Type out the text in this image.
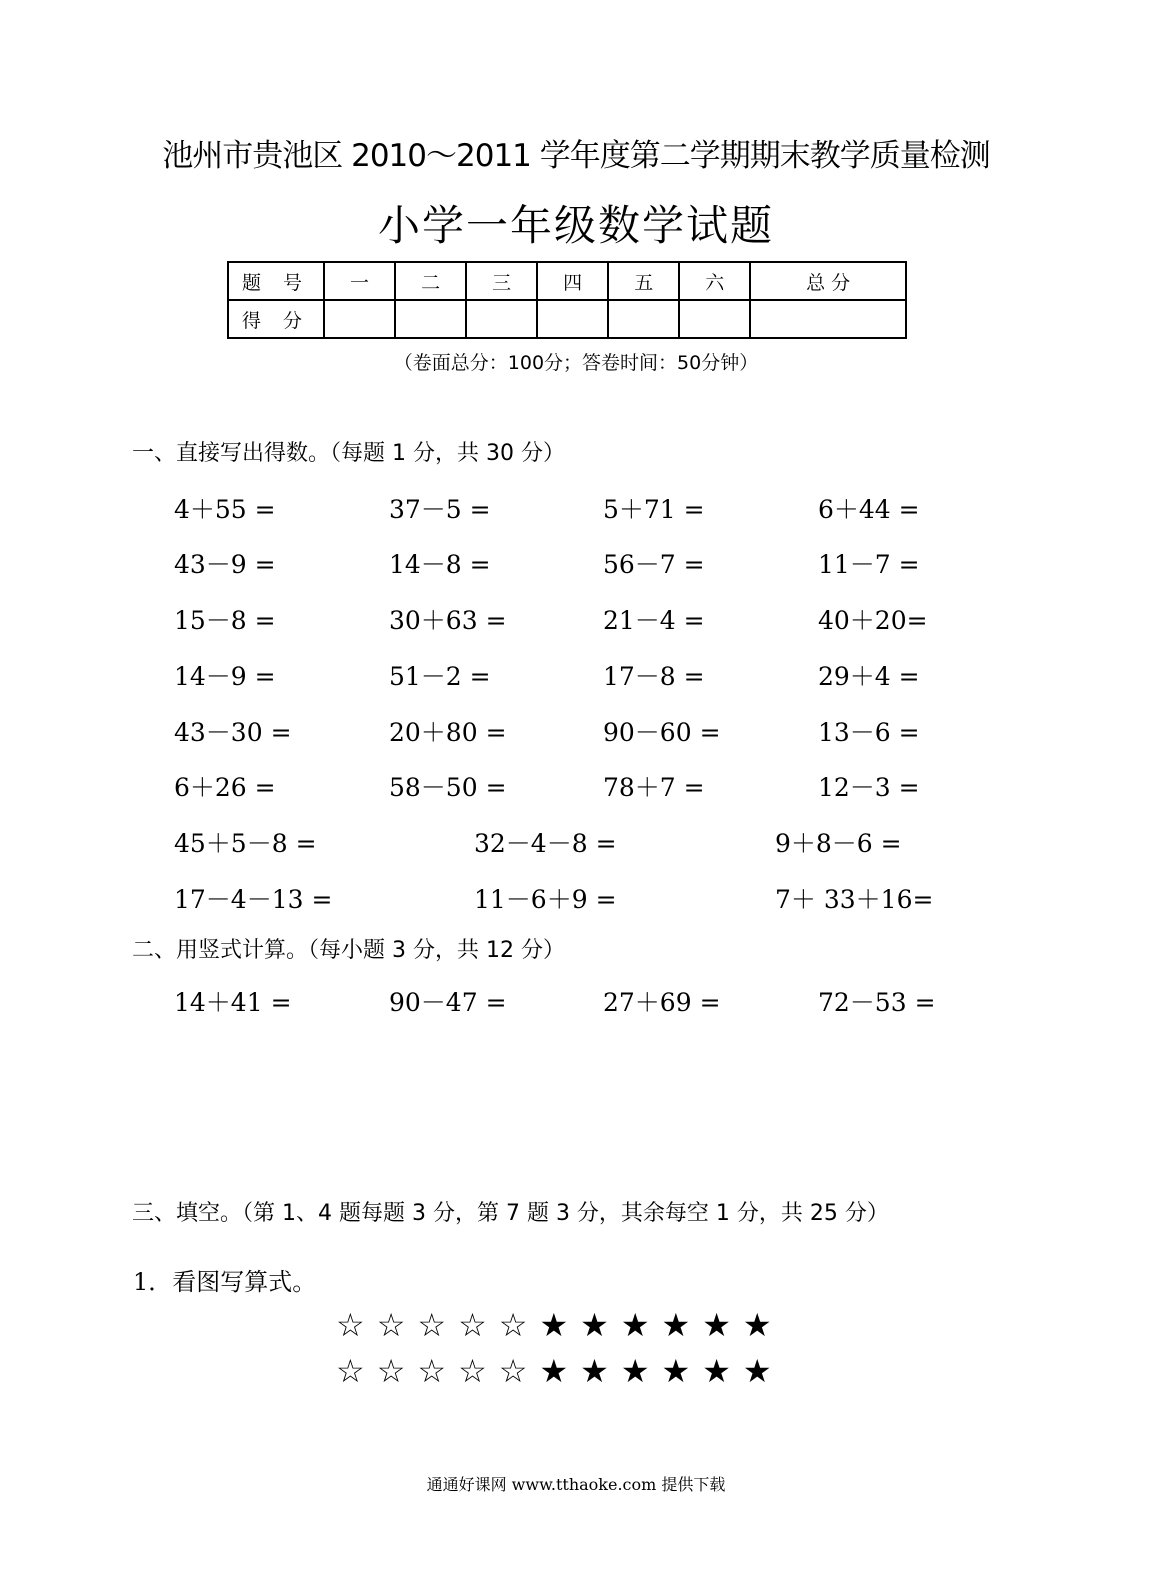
池州市贵池区 2010～2011 学年度第二学期期末教学质量检测
小学一年级数学试题
题 号	一	二	三	四	五	六	总 分
得 分							
（卷面总分：100分；答卷时间：50分钟）
一、直接写出得数。（每题 1 分，共 30 分）
4＋55 =	37－5 =	5＋71 =	6＋44 =
43－9 =	14－8 =	56－7 =	11－7 =
15－8 =	30＋63 =	21－4 =	40＋20=
14－9 =	51－2 =	17－8 =	29＋4 =
43－30 =	20＋80 =	90－60 =	13－6 =
6＋26 =	58－50 =	78＋7 =	12－3 =
45＋5－8 =	32－4－8 =	9＋8－6 =
17－4－13 =	11－6＋9 =	7＋ 33＋16=
二、用竖式计算。（每小题 3 分，共 12 分）
14＋41 =	90－47 =	27＋69 =	72－53 =
三、填空。（第 1、4 题每题 3 分，第 7 题 3 分，其余每空 1 分，共 25 分）
1．看图写算式。
☆☆☆☆☆★★★★★★
☆☆☆☆☆★★★★★★
通通好课网 www.tthaoke.com 提供下载
